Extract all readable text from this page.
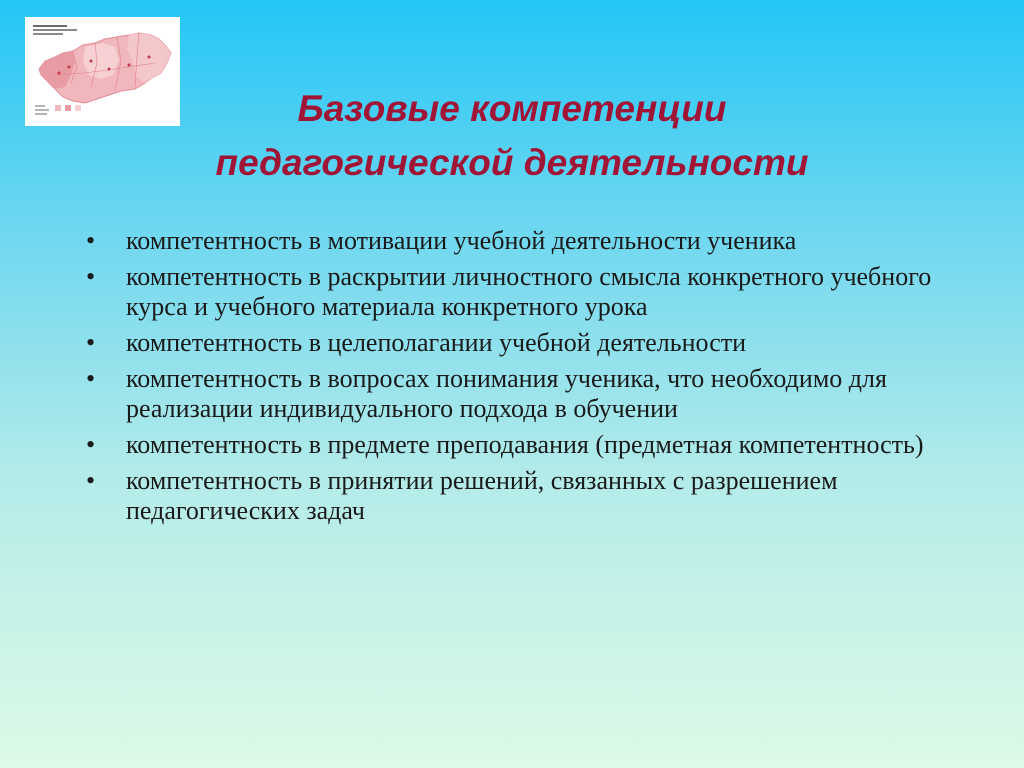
Базовые компетенции
педагогической деятельности
• компетентность в мотивации учебной деятельности ученика
• компетентность в раскрытии личностного смысла конкретного учебного курса и учебного материала конкретного урока
• компетентность в целеполагании учебной деятельности
• компетентность в вопросах понимания ученика, что необходимо для реализации индивидуального подхода в обучении
• компетентность в предмете преподавания (предметная компетентность)
• компетентность в принятии решений, связанных с разрешением педагогических задач
